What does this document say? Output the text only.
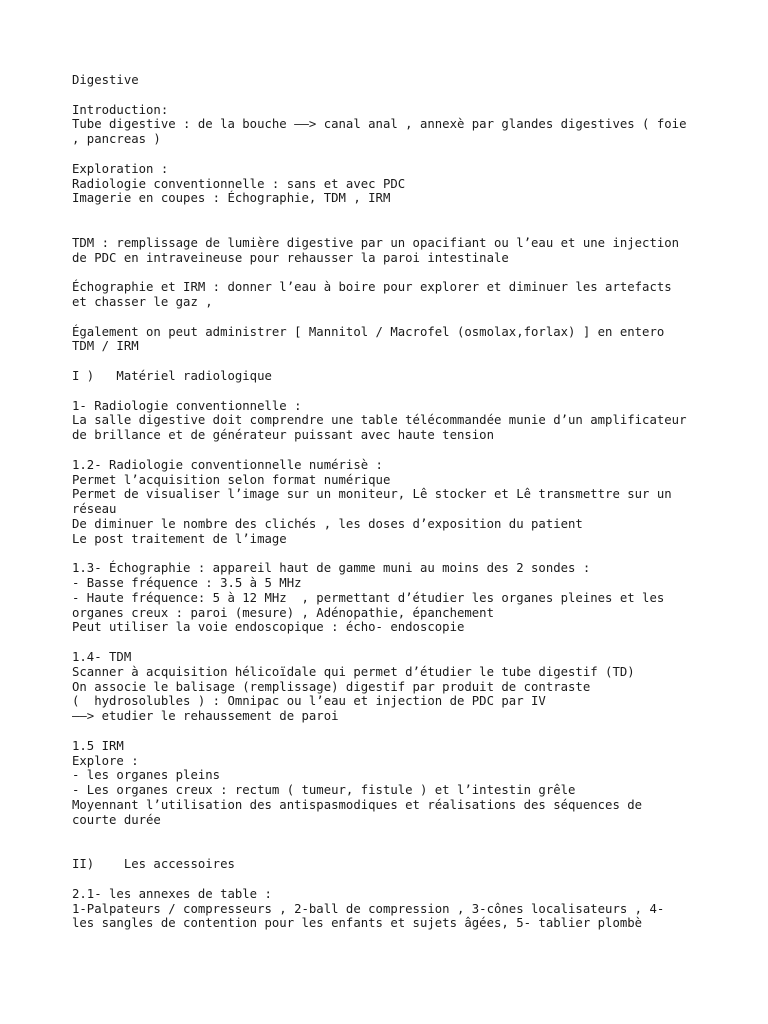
Digestive
Introduction:
Tube digestive : de la bouche ——> canal anal , annexè par glandes digestives ( foie
, pancreas )
Exploration :
Radiologie conventionnelle : sans et avec PDC
Imagerie en coupes : Échographie, TDM , IRM
TDM : remplissage de lumière digestive par un opacifiant ou l’eau et une injection
de PDC en intraveineuse pour rehausser la paroi intestinale
Échographie et IRM : donner l’eau à boire pour explorer et diminuer les artefacts
et chasser le gaz ,
Également on peut administrer [ Mannitol / Macrofel (osmolax,forlax) ] en entero
TDM / IRM
I )   Matériel radiologique
1- Radiologie conventionnelle :
La salle digestive doit comprendre une table télécommandée munie d’un amplificateur
de brillance et de générateur puissant avec haute tension
1.2- Radiologie conventionnelle numérisè :
Permet l’acquisition selon format numérique
Permet de visualiser l’image sur un moniteur, Lê stocker et Lê transmettre sur un
réseau
De diminuer le nombre des clichés , les doses d’exposition du patient
Le post traitement de l’image
1.3- Échographie : appareil haut de gamme muni au moins des 2 sondes :
- Basse fréquence : 3.5 à 5 MHz
- Haute fréquence: 5 à 12 MHz  , permettant d’étudier les organes pleines et les
organes creux : paroi (mesure) , Adénopathie, épanchement
Peut utiliser la voie endoscopique : écho- endoscopie
1.4- TDM
Scanner à acquisition hélicoïdale qui permet d’étudier le tube digestif (TD)
On associe le balisage (remplissage) digestif par produit de contraste
(  hydrosolubles ) : Omnipac ou l’eau et injection de PDC par IV
——> etudier le rehaussement de paroi
1.5 IRM
Explore :
- les organes pleins
- Les organes creux : rectum ( tumeur, fistule ) et l’intestin grêle
Moyennant l’utilisation des antispasmodiques et réalisations des séquences de
courte durée
II)    Les accessoires
2.1- les annexes de table :
1-Palpateurs / compresseurs , 2-ball de compression , 3-cônes localisateurs , 4-
les sangles de contention pour les enfants et sujets âgées, 5- tablier plombè
